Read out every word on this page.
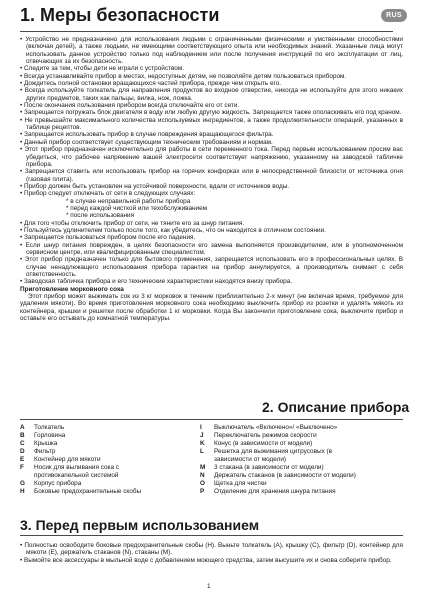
RUS
1. Меры безопасности
• Устройство не предназначено для использования людьми с ограниченными физическими и умственными способностями (включая детей), а также людьми, не имеющими соответствующего опыта или необходимых знаний. Указанные лица могут использовать данное устройство только под наблюдением или после получения инструкций по его эксплуатации от лиц, отвечающих за их безопасность.
• Следите за тем, чтобы дети не играли с устройством.
• Всегда устанавливайте прибор в местах, недоступных детям, не позволяйте детям пользоваться прибором.
• Дождитесь полной остановки вращающихся частей прибора, прежде чем открыть его.
• Всегда используйте толкатель для направления продуктов во входное отверстие, никогда не используйте для этого никаких других предметов, таких как пальцы, вилка, нож, ложка.
• После окончания пользования прибором всегда отключайте его от сети.
• Запрещается погружать блок двигателя в воду или любую другую жидкость. Запрещается также ополаскивать его под краном.
• Не превышайте максимального количества используемых ингредиентов, а также продолжительности операций, указанных в таблице рецептов.
• Запрещается использовать прибор в случае повреждения вращающегося фильтра.
• Данный прибор соответствует существующим техническим требованиям и нормам.
• Этот прибор предназначен исключительно для работы в сети переменного тока. Перед первым использованием просим вас убедиться, что рабочее напряжение вашей электросети соответствует напряжению, указанному на заводской табличке прибора.
• Запрещается ставить или использовать прибор на горячих конфорках или в непосредственной близости от источника огня (газовая плита).
• Прибор должен быть установлен на устойчивой поверхности, вдали от источников воды.
• Прибор следует отключать от сети в следующих случаях:
* в случае неправильной работы прибора
* перед каждой чисткой или техобслуживанием
* после использования
• Для того чтобы отключить прибор от сети, не тяните его за шнур питания.
• Пользуйтесь удлинителем только после того, как убедитесь, что он находится в отличном состоянии.
• Запрещается пользоваться прибором после его падения.
• Если шнур питания поврежден, в целях безопасности его замена выполняется производителем, или в уполномоченном сервисном центре, или квалифицированным специалистом.
• Этот прибор предназначен только для бытового применения, запрещается использовать его в профессиональных целях. В случае ненадлежащего использования прибора гарантия на прибор аннулируется, а производитель снимает с себя ответственность.
• Заводская табличка прибора и его технические характеристики находятся внизу прибора.
Приготовление морковного сока
Этот прибор может выжимать сок из 3 кг морковок в течение приблизительно 2-х минут (не включая время, требуемое для удаления мякоти). Во время приготовления морковного сока необходимо выключить прибор из розетки и удалять мякоть из контейнера, крышки и решетки после обработки 1 кг морковки. Когда Вы закончили приготовление сока, выключите прибор и оставьте его остывать до комнатной температуры.
2. Описание прибора
A Толкатель
B Горловина
C Крышка
D Фильтр
E Контейнер для мякоти
F Носик для выливания сока с
противокапельной системой
G Корпус прибора
H Боковые предохранительные скобы
I Выключатель «Включено»/ «Выключено»
J Переключатель режимов скорости
K Конус (в зависимости от модели)
L Решетка для выжимания цитрусовых (в
зависимости от модели)
M 3 стакана (в зависимости от модели)
N Держатель стаканов (в зависимости от модели)
O Щетка для чистки
P Отделение для хранения шнура питания
3. Перед первым использованием
• Полностью освободите боковые предохранительные скобы (H). Выньте толкатель (A), крышку (C), фильтр (D), контейнер для мякоти (E), держатель стаканов (N), стаканы (M).
• Вымойте все аксессуары в мыльной воде с добавлением моющего средства, затем высушите их и снова соберите прибор.
1
